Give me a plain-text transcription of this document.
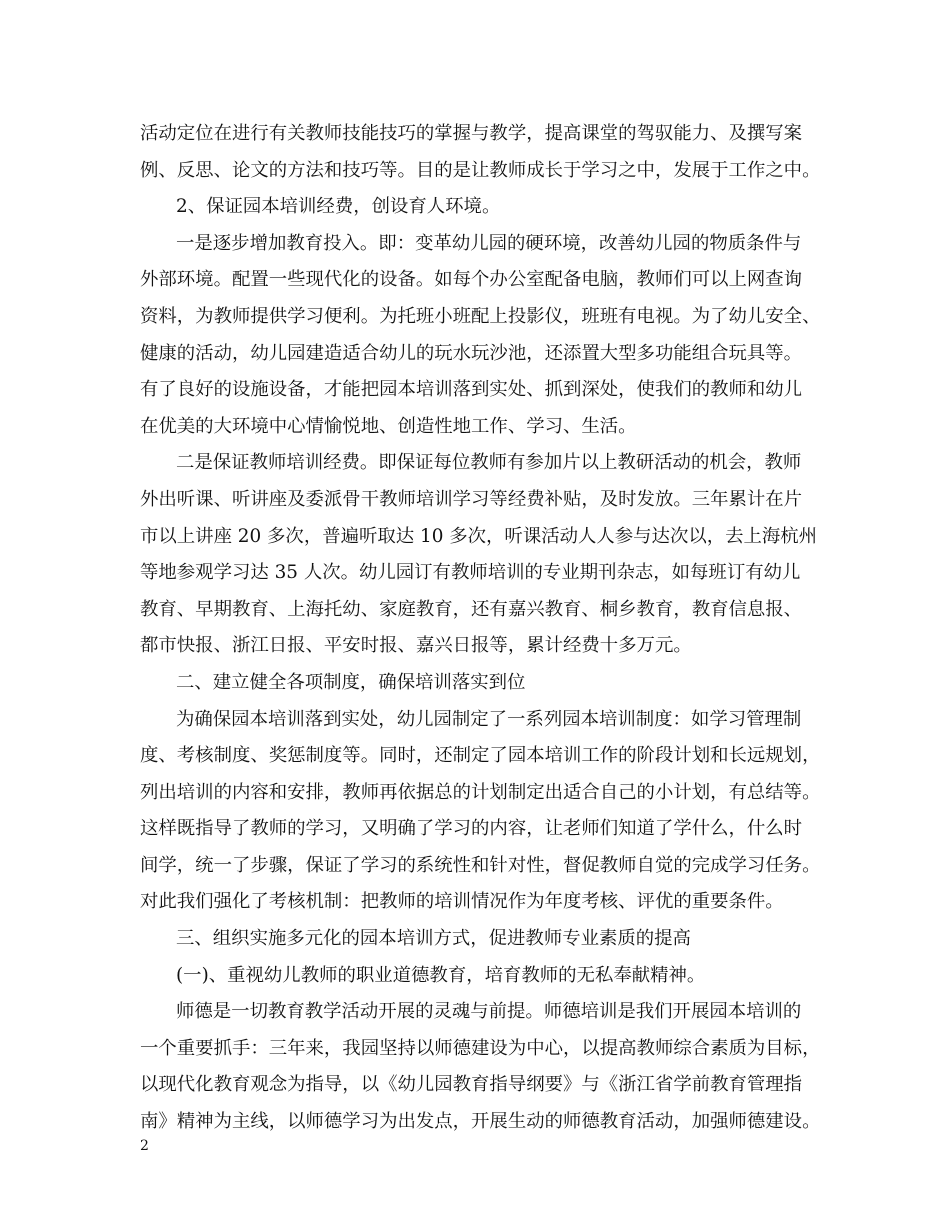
活动定位在进行有关教师技能技巧的掌握与教学，提高课堂的驾驭能力、及撰写案
例、反思、论文的方法和技巧等。目的是让教师成长于学习之中，发展于工作之中。
2、保证园本培训经费，创设育人环境。
一是逐步增加教育投入。即：变革幼儿园的硬环境，改善幼儿园的物质条件与
外部环境。配置一些现代化的设备。如每个办公室配备电脑，教师们可以上网查询
资料，为教师提供学习便利。为托班小班配上投影仪，班班有电视。为了幼儿安全、
健康的活动，幼儿园建造适合幼儿的玩水玩沙池，还添置大型多功能组合玩具等。
有了良好的设施设备，才能把园本培训落到实处、抓到深处，使我们的教师和幼儿
在优美的大环境中心情愉悦地、创造性地工作、学习、生活。
二是保证教师培训经费。即保证每位教师有参加片以上教研活动的机会，教师
外出听课、听讲座及委派骨干教师培训学习等经费补贴，及时发放。三年累计在片
市以上讲座 20 多次，普遍听取达 10 多次，听课活动人人参与达次以，去上海杭州
等地参观学习达 35 人次。幼儿园订有教师培训的专业期刊杂志，如每班订有幼儿
教育、早期教育、上海托幼、家庭教育，还有嘉兴教育、桐乡教育，教育信息报、
都市快报、浙江日报、平安时报、嘉兴日报等，累计经费十多万元。
二、建立健全各项制度，确保培训落实到位
为确保园本培训落到实处，幼儿园制定了一系列园本培训制度：如学习管理制
度、考核制度、奖惩制度等。同时，还制定了园本培训工作的阶段计划和长远规划，
列出培训的内容和安排，教师再依据总的计划制定出适合自己的小计划，有总结等。
这样既指导了教师的学习，又明确了学习的内容，让老师们知道了学什么，什么时
间学，统一了步骤，保证了学习的系统性和针对性，督促教师自觉的完成学习任务。
对此我们强化了考核机制：把教师的培训情况作为年度考核、评优的重要条件。
三、组织实施多元化的园本培训方式，促进教师专业素质的提高
(一)、重视幼儿教师的职业道德教育，培育教师的无私奉献精神。
师德是一切教育教学活动开展的灵魂与前提。师德培训是我们开展园本培训的
一个重要抓手：三年来，我园坚持以师德建设为中心，以提高教师综合素质为目标，
以现代化教育观念为指导，以《幼儿园教育指导纲要》与《浙江省学前教育管理指
南》精神为主线，以师德学习为出发点，开展生动的师德教育活动，加强师德建设。
2
